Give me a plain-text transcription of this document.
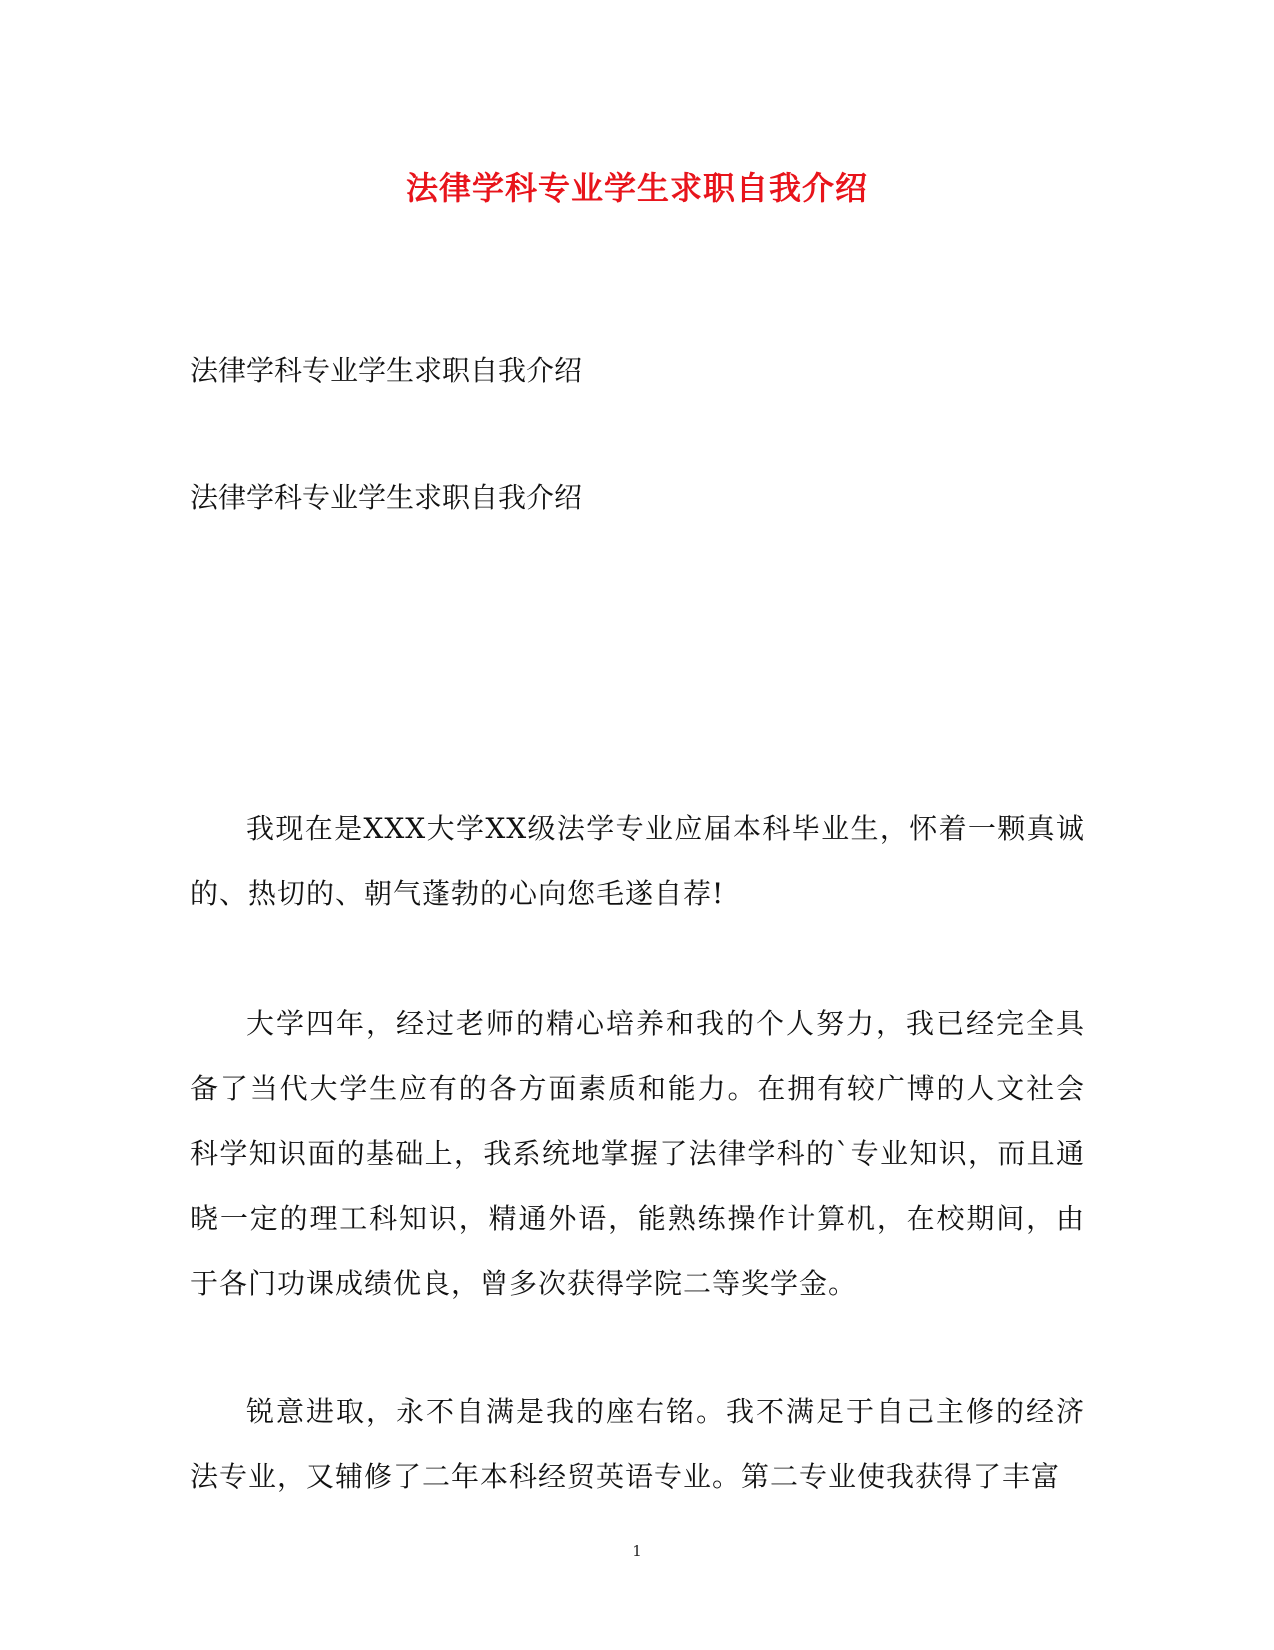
法律学科专业学生求职自我介绍
法律学科专业学生求职自我介绍
法律学科专业学生求职自我介绍
我现在是XXX大学XX级法学专业应届本科毕业生，怀着一颗真诚的、热切的、朝气蓬勃的心向您毛遂自荐!
大学四年，经过老师的精心培养和我的个人努力，我已经完全具备了当代大学生应有的各方面素质和能力。在拥有较广博的人文社会科学知识面的基础上，我系统地掌握了法律学科的`专业知识，而且通晓一定的理工科知识，精通外语，能熟练操作计算机，在校期间，由于各门功课成绩优良，曾多次获得学院二等奖学金。
锐意进取，永不自满是我的座右铭。我不满足于自己主修的经济法专业，又辅修了二年本科经贸英语专业。第二专业使我获得了丰富
1
